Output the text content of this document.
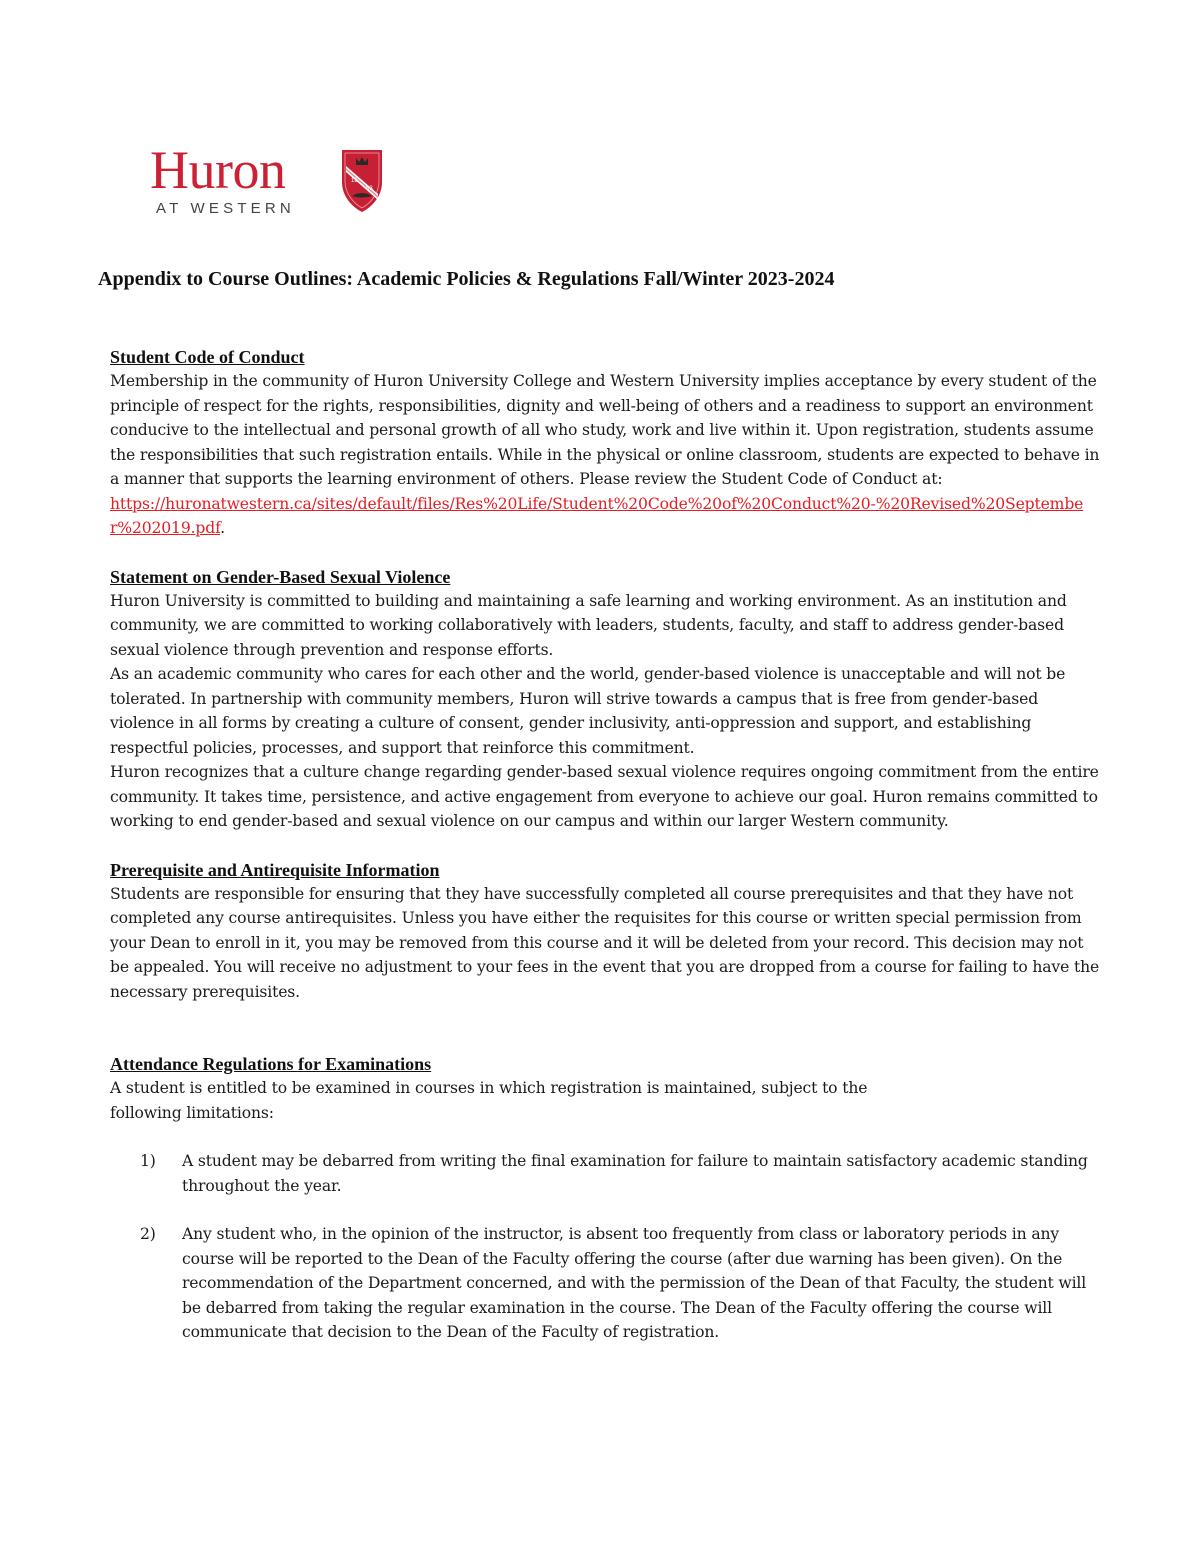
Huron
AT WESTERN
18
63
Appendix to Course Outlines: Academic Policies & Regulations Fall/Winter 2023-2024

Student Code of Conduct

Membership in the community of Huron University College and Western University implies acceptance by every student of the principle of respect for the rights, responsibilities, dignity and well-being of others and a readiness to support an environment conducive to the intellectual and personal growth of all who study, work and live within it. Upon registration, students assume the responsibilities that such registration entails. While in the physical or online classroom, students are expected to behave in a manner that supports the learning environment of others. Please review the Student Code of Conduct at:
https://huronatwestern.ca/sites/default/files/Res%20Life/Student%20Code%20of%20Conduct%20-%20Revised%20September%202019.pdf.

Statement on Gender-Based Sexual Violence

Huron University is committed to building and maintaining a safe learning and working environment. As an institution and community, we are committed to working collaboratively with leaders, students, faculty, and staff to address gender-based sexual violence through prevention and response efforts.

As an academic community who cares for each other and the world, gender-based violence is unacceptable and will not be tolerated. In partnership with community members, Huron will strive towards a campus that is free from gender-based violence in all forms by creating a culture of consent, gender inclusivity, anti-oppression and support, and establishing respectful policies, processes, and support that reinforce this commitment.

Huron recognizes that a culture change regarding gender-based sexual violence requires ongoing commitment from the entire community. It takes time, persistence, and active engagement from everyone to achieve our goal. Huron remains committed to working to end gender-based and sexual violence on our campus and within our larger Western community.

Prerequisite and Antirequisite Information

Students are responsible for ensuring that they have successfully completed all course prerequisites and that they have not completed any course antirequisites. Unless you have either the requisites for this course or written special permission from your Dean to enroll in it, you may be removed from this course and it will be deleted from your record. This decision may not be appealed. You will receive no adjustment to your fees in the event that you are dropped from a course for failing to have the necessary prerequisites.

Attendance Regulations for Examinations

A student is entitled to be examined in courses in which registration is maintained, subject to the
following limitations:

1) A student may be debarred from writing the final examination for failure to maintain satisfactory academic standing throughout the year.
2) Any student who, in the opinion of the instructor, is absent too frequently from class or laboratory periods in any course will be reported to the Dean of the Faculty offering the course (after due warning has been given). On the recommendation of the Department concerned, and with the permission of the Dean of that Faculty, the student will be debarred from taking the regular examination in the course. The Dean of the Faculty offering the course will communicate that decision to the Dean of the Faculty of registration.
